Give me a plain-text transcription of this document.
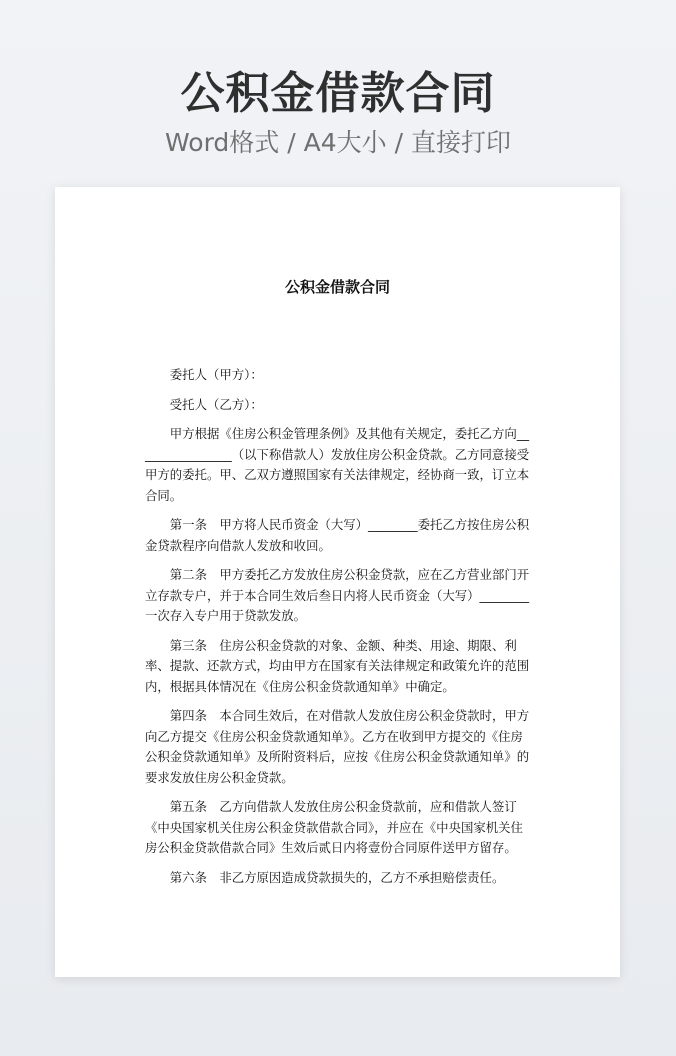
公积金借款合同
Word格式 / A4大小 / 直接打印
公积金借款合同

委托人（甲方）：

受托人（乙方）：

甲方根据《住房公积金管理条例》及其他有关规定，委托乙方向________________（以下称借款人）发放住房公积金贷款。乙方同意接受甲方的委托。甲、乙双方遵照国家有关法律规定，经协商一致，订立本合同。

第一条　甲方将人民币资金（大写）________委托乙方按住房公积金贷款程序向借款人发放和收回。

第二条　甲方委托乙方发放住房公积金贷款，应在乙方营业部门开立存款专户，并于本合同生效后叁日内将人民币资金（大写）________一次存入专户用于贷款发放。

第三条　住房公积金贷款的对象、金额、种类、用途、期限、利率、提款、还款方式，均由甲方在国家有关法律规定和政策允许的范围内，根据具体情况在《住房公积金贷款通知单》中确定。

第四条　本合同生效后，在对借款人发放住房公积金贷款时，甲方向乙方提交《住房公积金贷款通知单》。乙方在收到甲方提交的《住房公积金贷款通知单》及所附资料后，应按《住房公积金贷款通知单》的要求发放住房公积金贷款。

第五条　乙方向借款人发放住房公积金贷款前，应和借款人签订《中央国家机关住房公积金贷款借款合同》，并应在《中央国家机关住房公积金贷款借款合同》生效后贰日内将壹份合同原件送甲方留存。

第六条　非乙方原因造成贷款损失的，乙方不承担赔偿责任。
